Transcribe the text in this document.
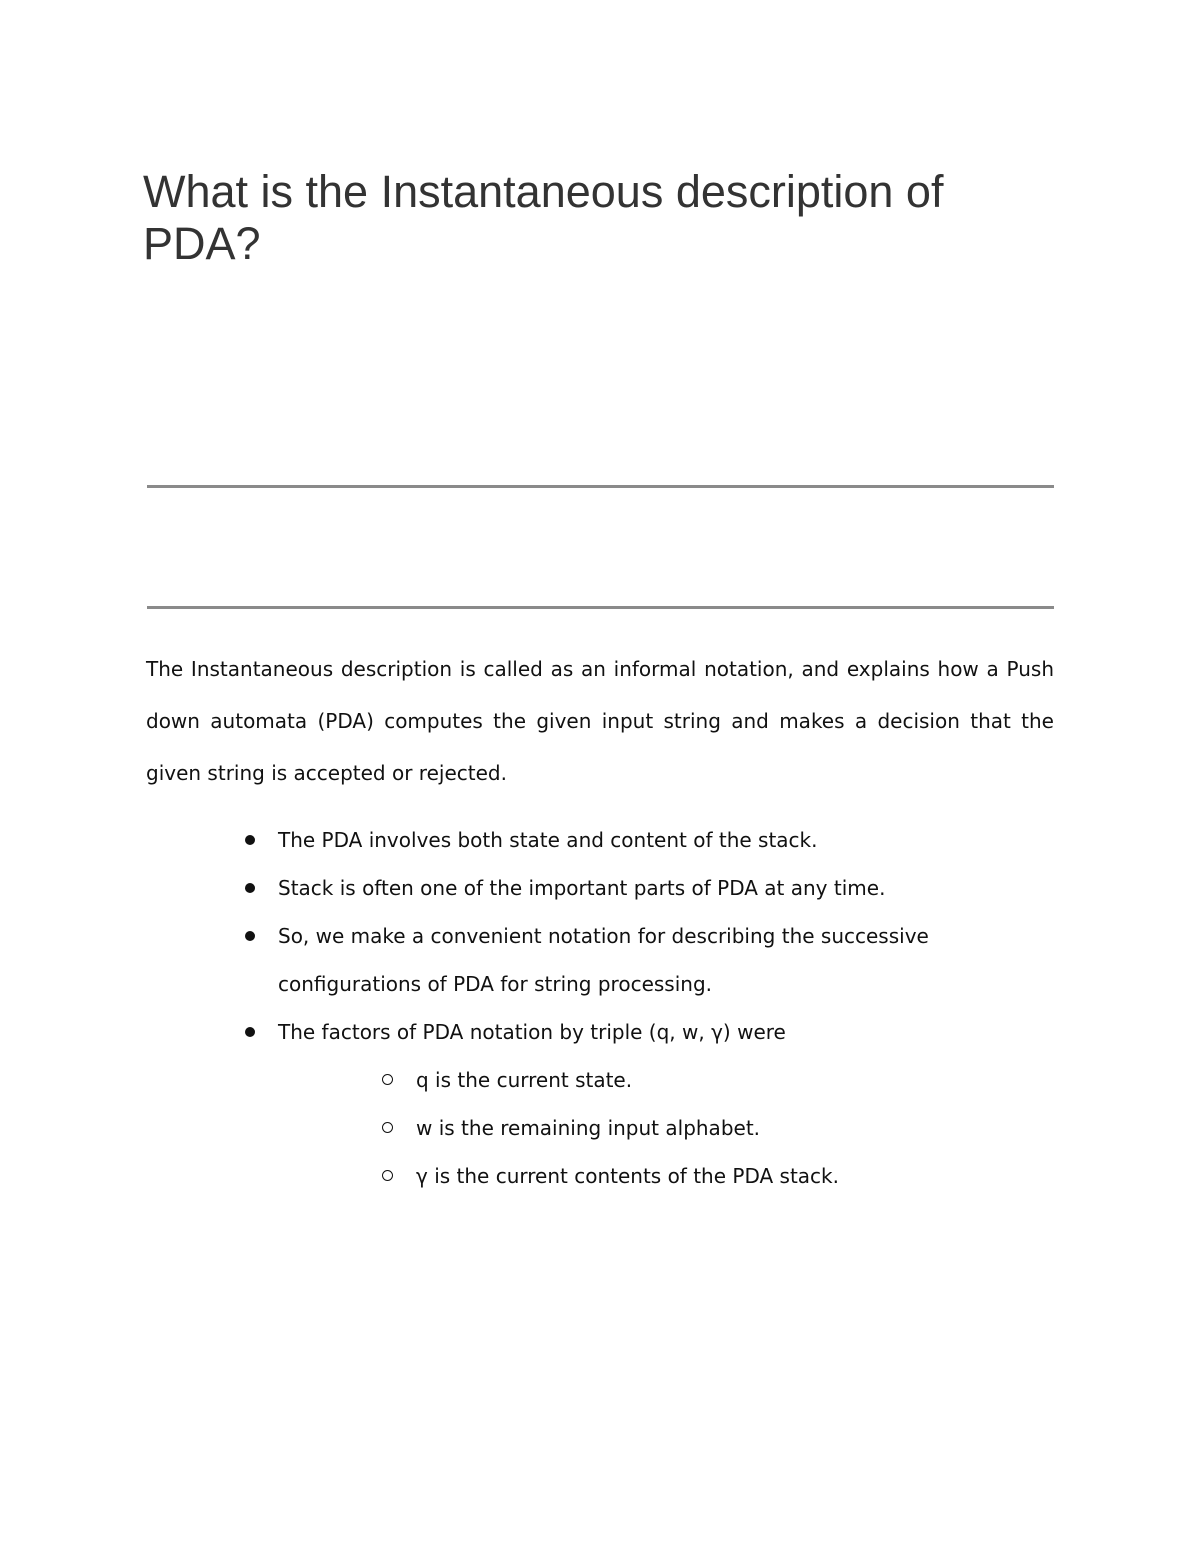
What is the Instantaneous description of PDA?

The Instantaneous description is called as an informal notation, and explains how a Push down automata (PDA) computes the given input string and makes a decision that the given string is accepted or rejected.

The PDA involves both state and content of the stack.
Stack is often one of the important parts of PDA at any time.
So, we make a convenient notation for describing the successive configurations of PDA for string processing.
The factors of PDA notation by triple (q, w, γ) were
q is the current state.
w is the remaining input alphabet.
γ is the current contents of the PDA stack.
